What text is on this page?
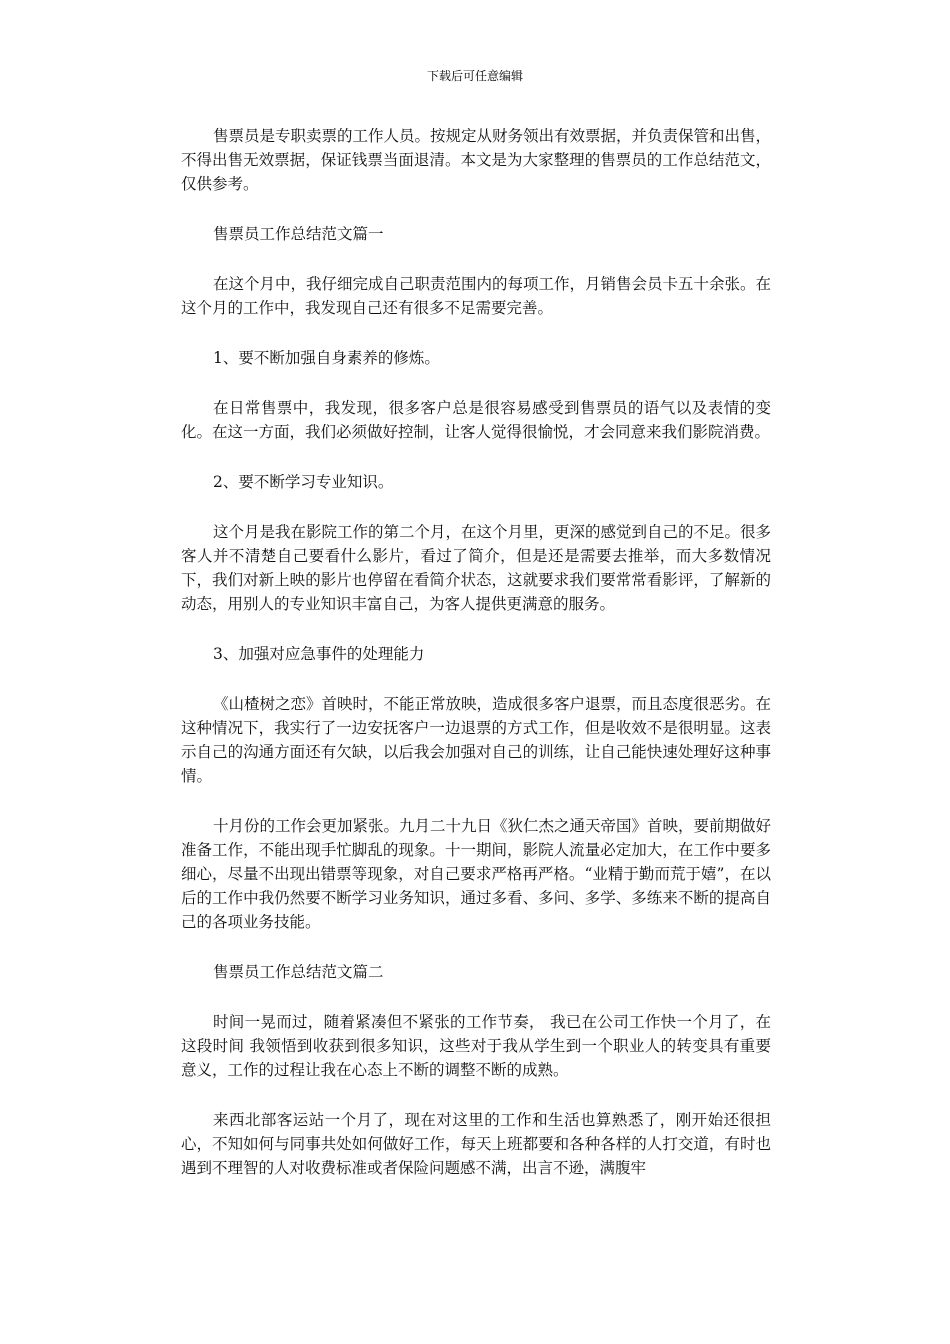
下载后可任意编辑

售票员是专职卖票的工作人员。按规定从财务领出有效票据，并负责保管和出售，不得出售无效票据，保证钱票当面退清。本文是为大家整理的售票员的工作总结范文，仅供参考。

售票员工作总结范文篇一

在这个月中，我仔细完成自己职责范围内的每项工作，月销售会员卡五十余张。在这个月的工作中，我发现自己还有很多不足需要完善。

1、要不断加强自身素养的修炼。

在日常售票中，我发现，很多客户总是很容易感受到售票员的语气以及表情的变化。在这一方面，我们必须做好控制，让客人觉得很愉悦，才会同意来我们影院消费。

2、要不断学习专业知识。

这个月是我在影院工作的第二个月，在这个月里，更深的感觉到自己的不足。很多客人并不清楚自己要看什么影片，看过了简介，但是还是需要去推举，而大多数情况下，我们对新上映的影片也停留在看简介状态，这就要求我们要常常看影评，了解新的动态，用别人的专业知识丰富自己，为客人提供更满意的服务。

3、加强对应急事件的处理能力

《山楂树之恋》首映时，不能正常放映，造成很多客户退票，而且态度很恶劣。在这种情况下，我实行了一边安抚客户一边退票的方式工作，但是收效不是很明显。这表示自己的沟通方面还有欠缺，以后我会加强对自己的训练，让自己能快速处理好这种事情。

十月份的工作会更加紧张。九月二十九日《狄仁杰之通天帝国》首映，要前期做好准备工作，不能出现手忙脚乱的现象。十一期间，影院人流量必定加大，在工作中要多细心，尽量不出现出错票等现象，对自己要求严格再严格。“业精于勤而荒于嬉”，在以后的工作中我仍然要不断学习业务知识，通过多看、多问、多学、多练来不断的提高自己的各项业务技能。

售票员工作总结范文篇二

时间一晃而过，随着紧凑但不紧张的工作节奏， 我已在公司工作快一个月了，在这段时间 我领悟到收获到很多知识，这些对于我从学生到一个职业人的转变具有重要意义，工作的过程让我在心态上不断的调整不断的成熟。

来西北部客运站一个月了，现在对这里的工作和生活也算熟悉了，刚开始还很担心，不知如何与同事共处如何做好工作，每天上班都要和各种各样的人打交道，有时也遇到不理智的人对收费标准或者保险问题感不满，出言不逊，满腹牢
